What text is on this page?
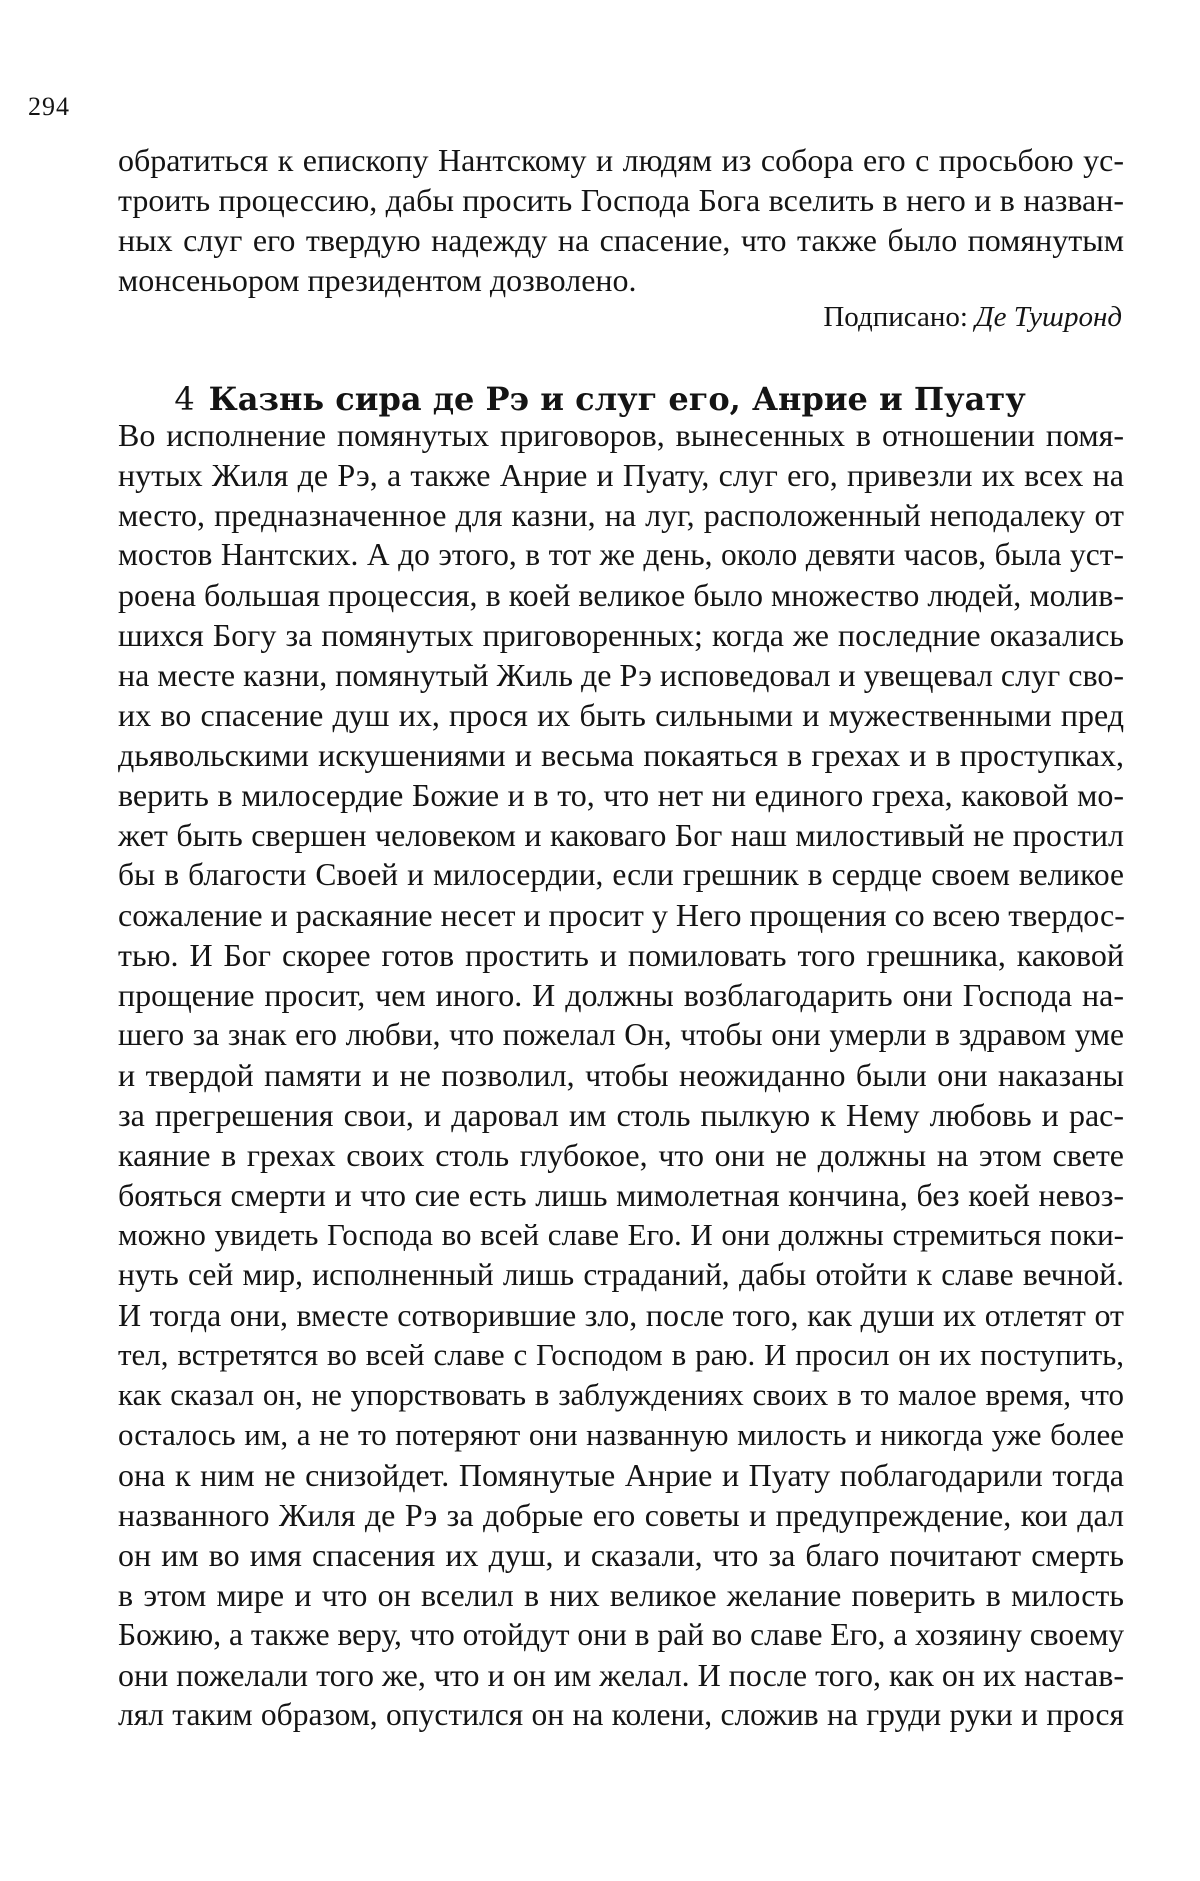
294
обратиться к епископу Нантскому и людям из собора его с просьбою ус-
троить процессию, дабы просить Господа Бога вселить в него и в назван-
ных слуг его твердую надежду на спасение, что также было помянутым
монсеньором президентом дозволено.
Подписано: Де Тушронд
4 Казнь сира де Рэ и слуг его, Анрие и Пуату
Во исполнение помянутых приговоров, вынесенных в отношении помя-
нутых Жиля де Рэ, а также Анрие и Пуату, слуг его, привезли их всех на
место, предназначенное для казни, на луг, расположенный неподалеку от
мостов Нантских. А до этого, в тот же день, около девяти часов, была уст-
роена большая процессия, в коей великое было множество людей, молив-
шихся Богу за помянутых приговоренных; когда же последние оказались
на месте казни, помянутый Жиль де Рэ исповедовал и увещевал слуг сво-
их во спасение душ их, прося их быть сильными и мужественными пред
дьявольскими искушениями и весьма покаяться в грехах и в проступках,
верить в милосердие Божие и в то, что нет ни единого греха, каковой мо-
жет быть свершен человеком и каковаго Бог наш милостивый не простил
бы в благости Своей и милосердии, если грешник в сердце своем великое
сожаление и раскаяние несет и просит у Него прощения со всею твердос-
тью. И Бог скорее готов простить и помиловать того грешника, каковой
прощение просит, чем иного. И должны возблагодарить они Господа на-
шего за знак его любви, что пожелал Он, чтобы они умерли в здравом уме
и твердой памяти и не позволил, чтобы неожиданно были они наказаны
за прегрешения свои, и даровал им столь пылкую к Нему любовь и рас-
каяние в грехах своих столь глубокое, что они не должны на этом свете
бояться смерти и что сие есть лишь мимолетная кончина, без коей невоз-
можно увидеть Господа во всей славе Его. И они должны стремиться поки-
нуть сей мир, исполненный лишь страданий, дабы отойти к славе вечной.
И тогда они, вместе сотворившие зло, после того, как души их отлетят от
тел, встретятся во всей славе с Господом в раю. И просил он их поступить,
как сказал он, не упорствовать в заблуждениях своих в то малое время, что
осталось им, а не то потеряют они названную милость и никогда уже более
она к ним не снизойдет. Помянутые Анрие и Пуату поблагодарили тогда
названного Жиля де Рэ за добрые его советы и предупреждение, кои дал
он им во имя спасения их душ, и сказали, что за благо почитают смерть
в этом мире и что он вселил в них великое желание поверить в милость
Божию, а также веру, что отойдут они в рай во славе Его, а хозяину своему
они пожелали того же, что и он им желал. И после того, как он их настав-
лял таким образом, опустился он на колени, сложив на груди руки и прося
